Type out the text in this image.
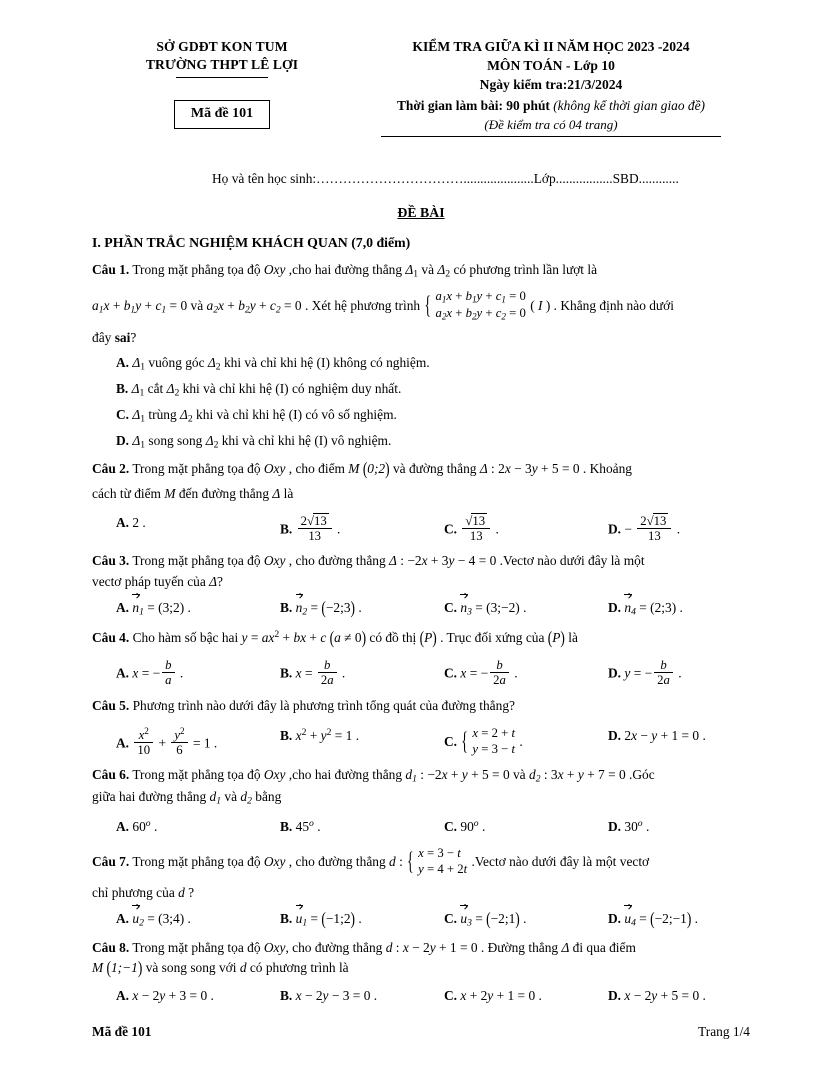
SỞ GDĐT KON TUM
TRƯỜNG THPT LÊ LỢI
Mã đề 101
KIỂM TRA GIỮA KÌ II NĂM HỌC 2023 -2024
MÔN TOÁN - Lớp 10
Ngày kiểm tra:21/3/2024
Thời gian làm bài: 90 phút (không kể thời gian giao đề)
(Đề kiểm tra có 04 trang)
Họ và tên học sinh:…………………………….....................Lớp.................SBD............
ĐỀ BÀI
I. PHẦN TRẮC NGHIỆM KHÁCH QUAN (7,0 điểm)

Câu 1. Trong mặt phẳng tọa độ Oxy ,cho hai đường thẳng $\Delta_1$ và $\Delta_2$ có phương trình lần lượt là

$a_1x + b_1y + c_1 = 0$ và $a_2x + b_2y + c_2 = 0$ . Xét hệ phương trình
{ $a_1x + b_1y + c_1 = 0$
$a_2x + b_2y + c_2 = 0$ ( I ) . Khẳng định nào dưới

đây sai?

A. $\Delta_1$ vuông góc $\Delta_2$ khi và chỉ khi hệ (I) không có nghiệm.
B. $\Delta_1$ cắt $\Delta_2$ khi và chỉ khi hệ (I) có nghiệm duy nhất.
C. $\Delta_1$ trùng $\Delta_2$ khi và chỉ khi hệ (I) có vô số nghiệm.
D. $\Delta_1$ song song $\Delta_2$ khi và chỉ khi hệ (I) vô nghiệm.

Câu 2. Trong mặt phẳng tọa độ Oxy , cho điểm M (0;2) và đường thẳng Δ : 2x − 3y + 5 = 0 . Khoảng

cách từ điểm M đến đường thẳng Δ là

A. 2 .	B. $\frac{2√13}{13}$ .	C. $\frac{√13}{13}$ .	D. − $\frac{2√13}{13}$ .

Câu 3. Trong mặt phẳng tọa độ Oxy , cho đường thẳng Δ : −2x + 3y − 4 = 0 .Vectơ nào dưới đây là một

vectơ pháp tuyến của Δ?

A. $n_1$ = (3;2) .	B. $n_2$ = (−2;3) .	C. $n_3$ = (3;−2) .	D. $n_4$ = (2;3) .

Câu 4. Cho hàm số bậc hai $y = ax^2$ + bx + c (a ≠ 0) có đồ thị (P) . Trục đối xứng của (P) là

A. x = − $\frac{b}{a}$ .	B. $x = \frac{b}{2a}$ .	C. x = − $\frac{b}{2a}$ .	D. y = − $\frac{b}{2a}$ .

Câu 5. Phương trình nào dưới đây là phương trình tổng quát của đường thẳng?

A. $\frac{x^2}{10} + \frac{y^2}{6} = 1$ .	B. $x^2 + y^2 = 1$ .	C.
{ x = 2 + t
y = 3 − t .	D. 2x − y + 1 = 0 .

Câu 6. Trong mặt phẳng tọa độ Oxy ,cho hai đường thẳng $d_1$ : −2x + y + 5 = 0 và $d_2$ : 3x + y + 7 = 0 .Góc

giữa hai đường thẳng $d_1$ và $d_2$ bằng

A. 60$^o$ .	B. 45$^o$ .	C. 90$^o$ .	D. 30$^o$ .

Câu 7. Trong mặt phẳng tọa độ Oxy , cho đường thẳng d :
{ x = 3 − t
y = 4 + 2t .Vectơ nào dưới đây là một vectơ

chỉ phương của d ?

A. $u_2$ = (3;4) .	B. $u_1$ = (−1;2) .	C. $u_3$ = (−2;1) .	D. $u_4$ = (−2;−1) .

Câu 8. Trong mặt phẳng tọa độ Oxy, cho đường thẳng d : x − 2y + 1 = 0 . Đường thẳng Δ đi qua điểm

M (1;−1) và song song với d có phương trình là

A. x − 2y + 3 = 0 .	B. x − 2y − 3 = 0 .	C. x + 2y + 1 = 0 .	D. x − 2y + 5 = 0 .
Mã đề 101	Trang 1/4
